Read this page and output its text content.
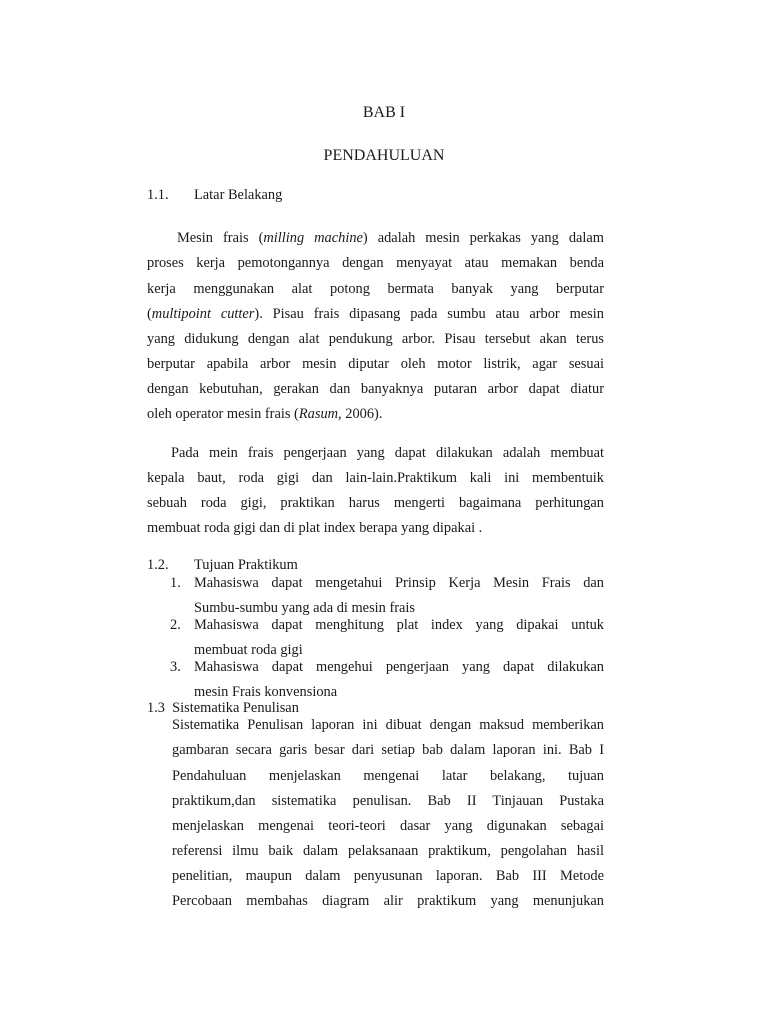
BAB I
PENDAHULUAN
1.1. Latar Belakang
Mesin frais (milling machine) adalah mesin perkakas yang dalam
proses kerja pemotongannya dengan menyayat atau memakan benda
kerja menggunakan alat potong bermata banyak yang berputar
(multipoint cutter). Pisau frais dipasang pada sumbu atau arbor mesin
yang didukung dengan alat pendukung arbor. Pisau tersebut akan terus
berputar apabila arbor mesin diputar oleh motor listrik, agar sesuai
dengan kebutuhan, gerakan dan banyaknya putaran arbor dapat diatur
oleh operator mesin frais (Rasum, 2006).
Pada mein frais pengerjaan yang dapat dilakukan adalah membuat
kepala baut, roda gigi dan lain-lain.Praktikum kali ini membentuik
sebuah roda gigi, praktikan harus mengerti bagaimana perhitungan
membuat roda gigi dan di plat index berapa yang dipakai .
1.2. Tujuan Praktikum
1. Mahasiswa dapat mengetahui Prinsip Kerja Mesin Frais dan
Sumbu-sumbu yang ada di mesin frais
2. Mahasiswa dapat menghitung plat index yang dipakai untuk
membuat roda gigi
3. Mahasiswa dapat mengehui pengerjaan yang dapat dilakukan
mesin Frais konvensiona
1.3  Sistematika Penulisan
Sistematika Penulisan laporan ini dibuat dengan maksud memberikan
gambaran secara garis besar dari setiap bab dalam laporan ini. Bab I
Pendahuluan menjelaskan mengenai latar belakang, tujuan
praktikum,dan sistematika penulisan. Bab II Tinjauan Pustaka
menjelaskan mengenai teori-teori dasar yang digunakan sebagai
referensi ilmu baik dalam pelaksanaan praktikum, pengolahan hasil
penelitian, maupun dalam penyusunan laporan. Bab III Metode
Percobaan membahas diagram alir praktikum yang menunjukan
